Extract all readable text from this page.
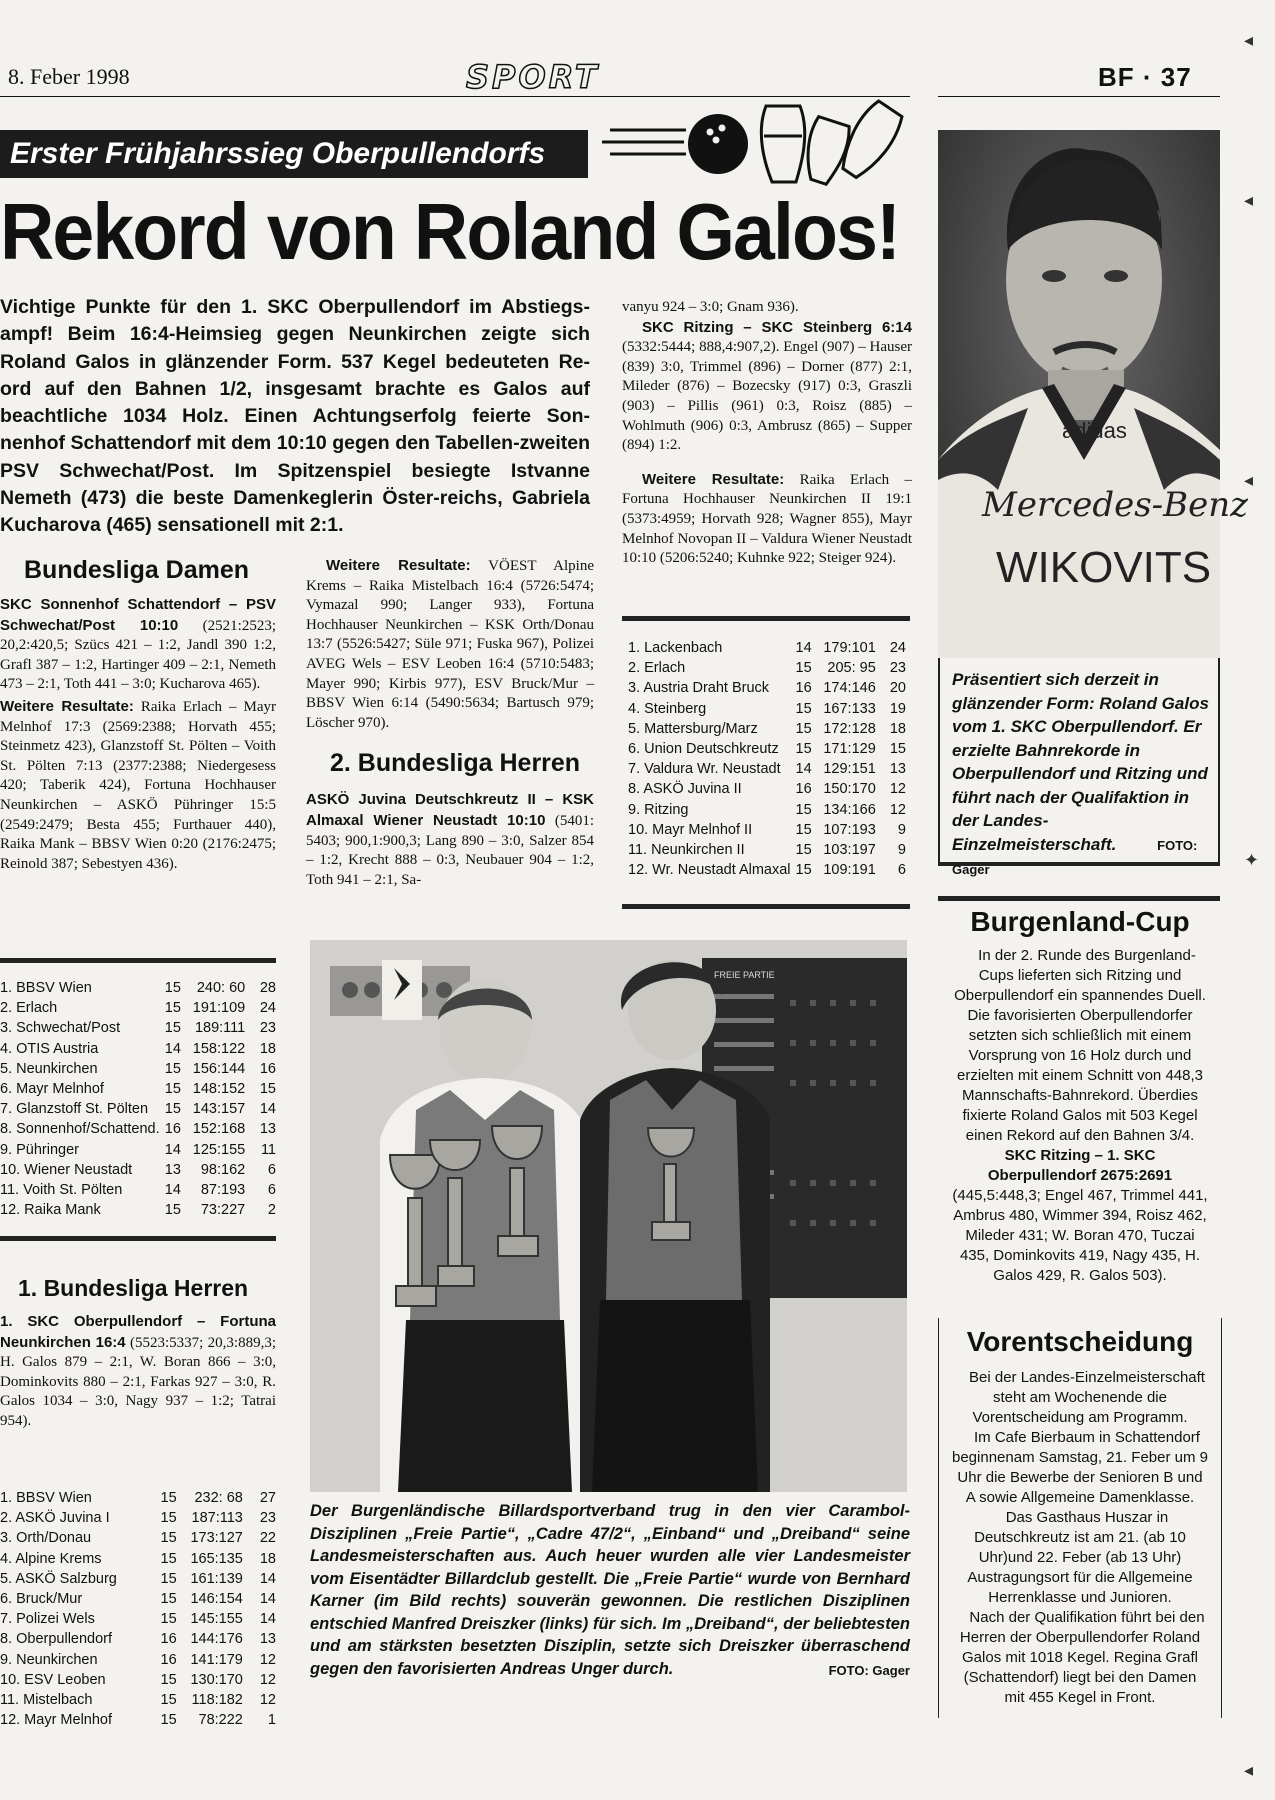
8. Feber 1998	SPORT	BF · 37
Erster Frühjahrssieg Oberpullendorfs
Rekord von Roland Galos!
Vichtige Punkte für den 1. SKC Oberpullendorf im Abstiegs-ampf! Beim 16:4-Heimsieg gegen Neunkirchen zeigte sich Roland Galos in glänzender Form. 537 Kegel bedeuteten Re-ord auf den Bahnen 1/2, insgesamt brachte es Galos auf beachtliche 1034 Holz. Einen Achtungserfolg feierte Son-nenhof Schattendorf mit dem 10:10 gegen den Tabellen-zweiten PSV Schwechat/Post. Im Spitzenspiel besiegte Istvanne Nemeth (473) die beste Damenkeglerin Öster-reichs, Gabriela Kucharova (465) sensationell mit 2:1.
Bundesliga Damen
SKC Sonnenhof Schattendorf – PSV Schwechat/Post 10:10 (2521:2523; 20,2:420,5; Szücs 421 – 1:2, Jandl 390 1:2, Grafl 387 – 1:2, Hartinger 409 – 2:1, Nemeth 473 – 2:1, Toth 441 – 3:0; Kucharova 465).
Weitere Resultate: Raika Erlach – Mayr Melnhof 17:3 (2569:2388; Horvath 455; Steinmetz 423), Glanzstoff St. Pölten – Voith St. Pölten 7:13 (2377:2388; Niedergesess 420; Taberik 424), Fortuna Hochhauser Neunkirchen – ASKÖ Pühringer 15:5 (2549:2479; Besta 455; Furthauer 440), Raika Mank – BBSV Wien 0:20 (2176:2475; Reinold 387; Sebestyen 436).
1. BBSV Wien	15	240: 60	28
2. Erlach	15	191:109	24
3. Schwechat/Post	15	189:111	23
4. OTIS Austria	14	158:122	18
5. Neunkirchen	15	156:144	16
6. Mayr Melnhof	15	148:152	15
7. Glanzstoff St. Pölten	15	143:157	14
8. Sonnenhof/Schattend.	16	152:168	13
9. Pühringer	14	125:155	11
10. Wiener Neustadt	13	98:162	6
11. Voith St. Pölten	14	87:193	6
12. Raika Mank	15	73:227	2
1. Bundesliga Herren
1. SKC Oberpullendorf – Fortuna Neunkirchen 16:4 (5523:5337; 20,3:889,3; H. Galos 879 – 2:1, W. Boran 866 – 3:0, Dominkovits 880 – 2:1, Farkas 927 – 3:0, R. Galos 1034 – 3:0, Nagy 937 – 1:2; Tatrai 954).
1. BBSV Wien	15	232: 68	27
2. ASKÖ Juvina I	15	187:113	23
3. Orth/Donau	15	173:127	22
4. Alpine Krems	15	165:135	18
5. ASKÖ Salzburg	15	161:139	14
6. Bruck/Mur	15	146:154	14
7. Polizei Wels	15	145:155	14
8. Oberpullendorf	16	144:176	13
9. Neunkirchen	16	141:179	12
10. ESV Leoben	15	130:170	12
11. Mistelbach	15	118:182	12
12. Mayr Melnhof	15	78:222	1
Weitere Resultate: VÖEST Alpine Krems – Raika Mistelbach 16:4 (5726:5474; Vymazal 990; Langer 933), Fortuna Hochhauser Neunkirchen – KSK Orth/Donau 13:7 (5526:5427; Süle 971; Fuska 967), Polizei AVEG Wels – ESV Leoben 16:4 (5710:5483; Mayer 990; Kirbis 977), ESV Bruck/Mur – BBSV Wien 6:14 (5490:5634; Bartusch 979; Löscher 970).
2. Bundesliga Herren
ASKÖ Juvina Deutschkreutz II – KSK Almaxal Wiener Neustadt 10:10 (5401: 5403; 900,1:900,3; Lang 890 – 3:0, Salzer 854 – 1:2, Krecht 888 – 0:3, Neubauer 904 – 1:2, Toth 941 – 2:1, Sa-
vanyu 924 – 3:0; Gnam 936).
SKC Ritzing – SKC Steinberg 6:14 (5332:5444; 888,4:907,2). Engel (907) – Hauser (839) 3:0, Trimmel (896) – Dorner (877) 2:1, Mileder (876) – Bozecsky (917) 0:3, Graszli (903) – Pillis (961) 0:3, Roisz (885) – Wohlmuth (906) 0:3, Ambrusz (865) – Supper (894) 1:2.
Weitere Resultate: Raika Erlach – Fortuna Hochhauser Neunkirchen II 19:1 (5373:4959; Horvath 928; Wagner 855), Mayr Melnhof Novopan II – Valdura Wiener Neustadt 10:10 (5206:5240; Kuhnke 922; Steiger 924).
1. Lackenbach	14	179:101	24
2. Erlach	15	205: 95	23
3. Austria Draht Bruck	16	174:146	20
4. Steinberg	15	167:133	19
5. Mattersburg/Marz	15	172:128	18
6. Union Deutschkreutz	15	171:129	15
7. Valdura Wr. Neustadt	14	129:151	13
8. ASKÖ Juvina II	16	150:170	12
9. Ritzing	15	134:166	12
10. Mayr Melnhof II	15	107:193	9
11. Neunkirchen II	15	103:197	9
12. Wr. Neustadt Almaxal	15	109:191	6
adidas
Mercedes-Benz
WIKOVITS
Präsentiert sich derzeit in glänzender Form: Roland Galos vom 1. SKC Oberpullendorf. Er erzielte Bahnrekorde in Oberpullendorf und Ritzing und führt nach der Qualifaktion in der Landes-Einzelmeisterschaft.	FOTO: Gager
FREIE PARTIE
Der Burgenländische Billardsportverband trug in den vier Carambol-Disziplinen „Freie Partie“, „Cadre 47/2“, „Einband“ und „Dreiband“ seine Landesmeisterschaften aus. Auch heuer wurden alle vier Landesmeister vom Eisentädter Billardclub gestellt. Die „Freie Partie“ wurde von Bernhard Karner (im Bild rechts) souverän gewonnen. Die restlichen Disziplinen entschied Manfred Dreiszker (links) für sich. Im „Dreiband“, der beliebtesten und am stärksten besetzten Disziplin, setzte sich Dreiszker überraschend gegen den favorisierten Andreas Unger durch.	FOTO: Gager
Burgenland-Cup
In der 2. Runde des Burgenland-Cups lieferten sich Ritzing und Oberpullendorf ein spannendes Duell. Die favorisierten Oberpullendorfer setzten sich schließlich mit einem Vorsprung von 16 Holz durch und erzielten mit einem Schnitt von 448,3 Mannschafts-Bahnrekord. Überdies fixierte Roland Galos mit 503 Kegel einen Rekord auf den Bahnen 3/4.
SKC Ritzing – 1. SKC Oberpullendorf 2675:2691 (445,5:448,3; Engel 467, Trimmel 441, Ambrus 480, Wimmer 394, Roisz 462, Mileder 431; W. Boran 470, Tuczai 435, Dominkovits 419, Nagy 435, H. Galos 429, R. Galos 503).
Vorentscheidung
Bei der Landes-Einzelmeisterschaft steht am Wochenende die Vorentscheidung am Programm.
Im Cafe Bierbaum in Schattendorf beginnenam Samstag, 21. Feber um 9 Uhr die Bewerbe der Senioren B und A sowie Allgemeine Damenklasse.
Das Gasthaus Huszar in Deutschkreutz ist am 21. (ab 10 Uhr)und 22. Feber (ab 13 Uhr) Austragungsort für die Allgemeine Herrenklasse und Junioren.
Nach der Qualifikation führt bei den Herren der Oberpullendorfer Roland Galos mit 1018 Kegel. Regina Grafl (Schattendorf) liegt bei den Damen mit 455 Kegel in Front.
◂
◂
◂
✦
◂
